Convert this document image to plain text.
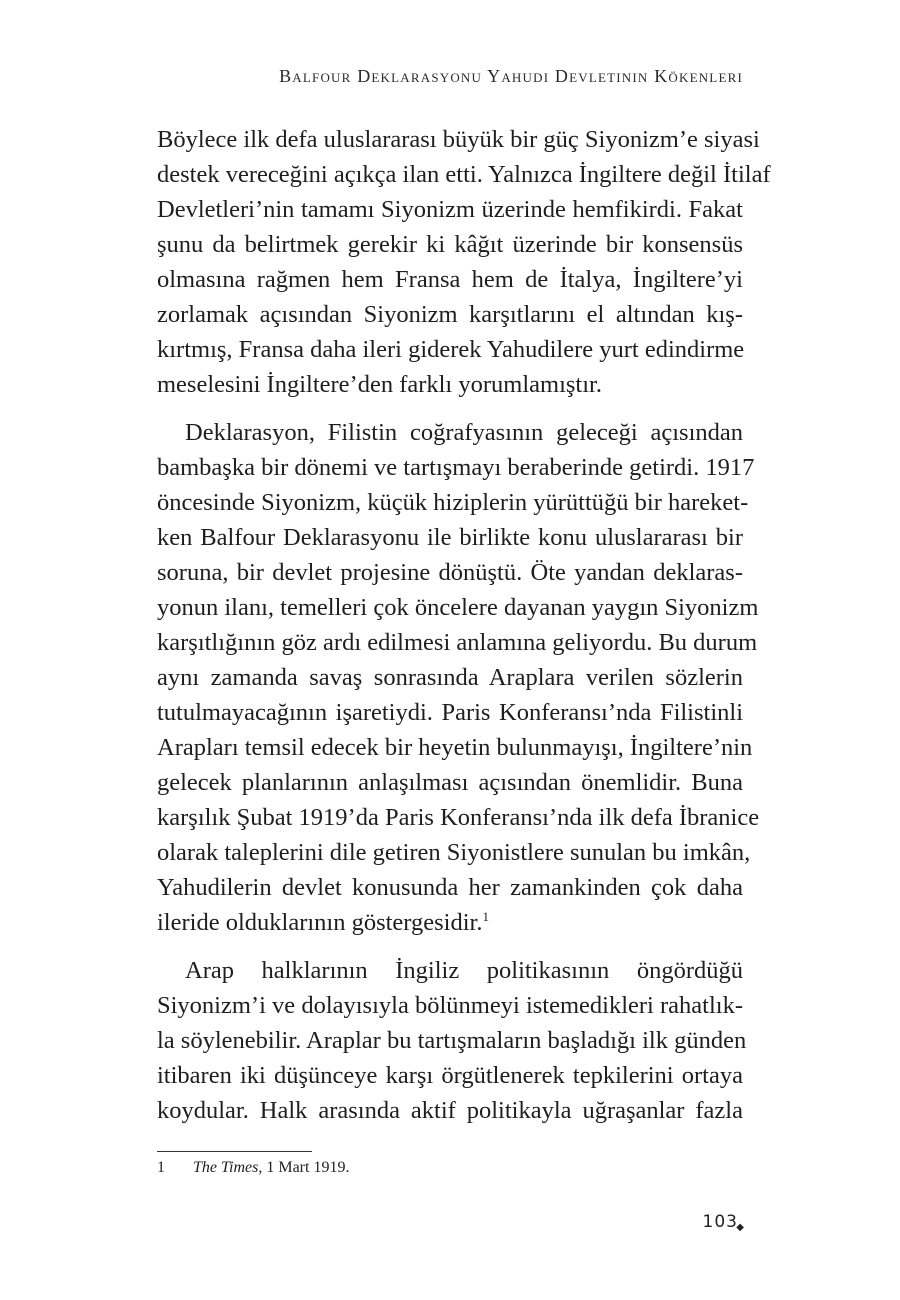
Balfour Deklarasyonu Yahudi Devletinin Kökenleri
Böylece ilk defa uluslararası büyük bir güç Siyonizm’e siyasi
destek vereceğini açıkça ilan etti. Yalnızca İngiltere değil İtilaf
Devletleri’nin tamamı Siyonizm üzerinde hemfikirdi. Fakat
şunu da belirtmek gerekir ki kâğıt üzerinde bir konsensüs
olmasına rağmen hem Fransa hem de İtalya, İngiltere’yi
zorlamak açısından Siyonizm karşıtlarını el altından kış-
kırtmış, Fransa daha ileri giderek Yahudilere yurt edindirme
meselesini İngiltere’den farklı yorumlamıştır.
Deklarasyon, Filistin coğrafyasının geleceği açısından
bambaşka bir dönemi ve tartışmayı beraberinde getirdi. 1917
öncesinde Siyonizm, küçük hiziplerin yürüttüğü bir hareket-
ken Balfour Deklarasyonu ile birlikte konu uluslararası bir
soruna, bir devlet projesine dönüştü. Öte yandan deklaras-
yonun ilanı, temelleri çok öncelere dayanan yaygın Siyonizm
karşıtlığının göz ardı edilmesi anlamına geliyordu. Bu durum
aynı zamanda savaş sonrasında Araplara verilen sözlerin
tutulmayacağının işaretiydi. Paris Konferansı’nda Filistinli
Arapları temsil edecek bir heyetin bulunmayışı, İngiltere’nin
gelecek planlarının anlaşılması açısından önemlidir. Buna
karşılık Şubat 1919’da Paris Konferansı’nda ilk defa İbranice
olarak taleplerini dile getiren Siyonistlere sunulan bu imkân,
Yahudilerin devlet konusunda her zamankinden çok daha
ileride olduklarının göstergesidir.$^1$
Arap halklarının İngiliz politikasının öngördüğü
Siyonizm’i ve dolayısıyla bölünmeyi istemedikleri rahatlık-
la söylenebilir. Araplar bu tartışmaların başladığı ilk günden
itibaren iki düşünceye karşı örgütlenerek tepkilerini ortaya
koydular. Halk arasında aktif politikayla uğraşanlar fazla
1 The Times, 1 Mart 1919.
103
◆
